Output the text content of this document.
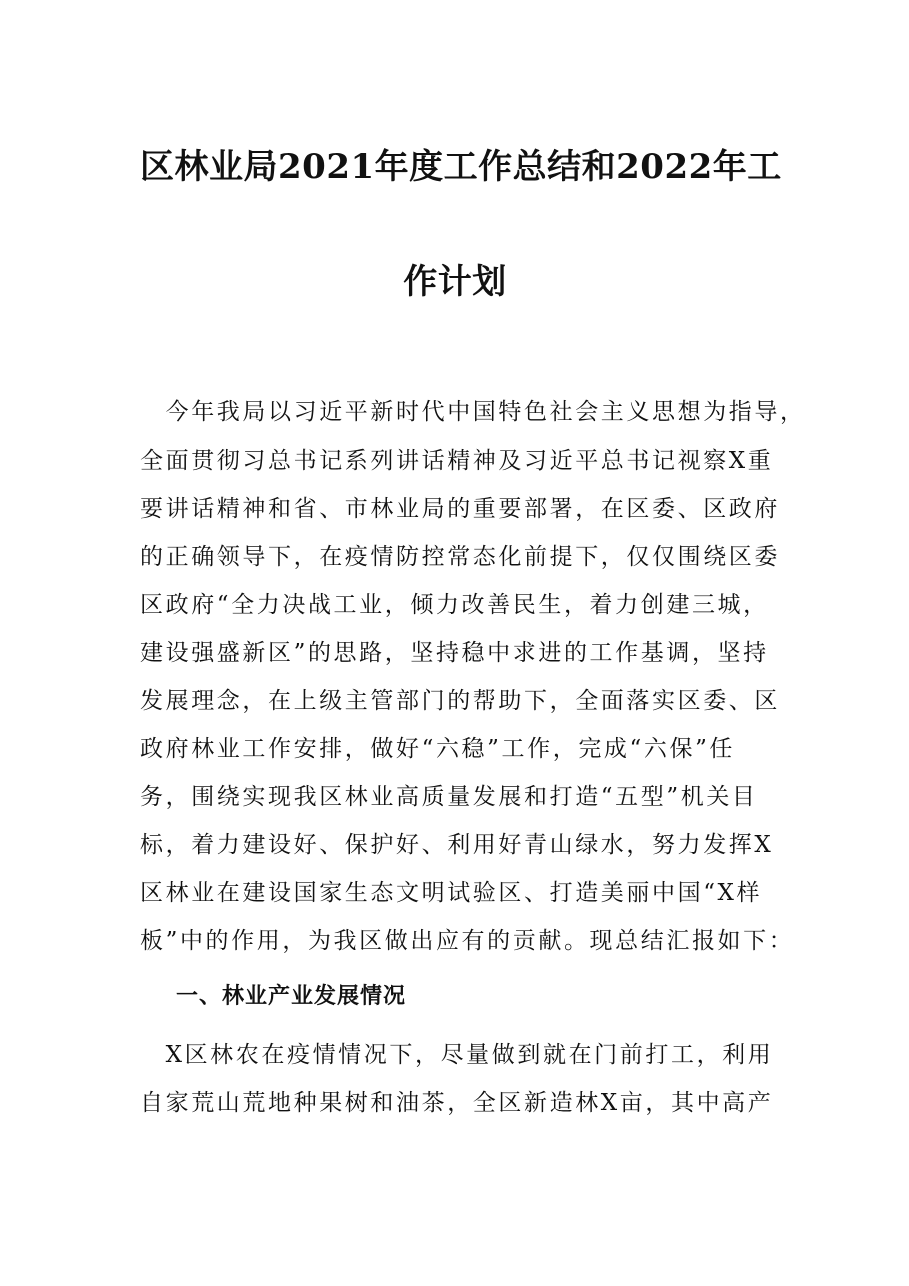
区林业局2021年度工作总结和2022年工
作计划
　今年我局以习近平新时代中国特色社会主义思想为指导，
全面贯彻习总书记系列讲话精神及习近平总书记视察X重
要讲话精神和省、市林业局的重要部署，在区委、区政府
的正确领导下，在疫情防控常态化前提下，仅仅围绕区委
区政府“全力决战工业，倾力改善民生，着力创建三城，
建设强盛新区”的思路，坚持稳中求进的工作基调，坚持
发展理念，在上级主管部门的帮助下，全面落实区委、区
政府林业工作安排，做好“六稳”工作，完成“六保”任
务，围绕实现我区林业高质量发展和打造“五型”机关目
标，着力建设好、保护好、利用好青山绿水，努力发挥X
区林业在建设国家生态文明试验区、打造美丽中国“X样
板”中的作用，为我区做出应有的贡献。现总结汇报如下：
一、林业产业发展情况
　X区林农在疫情情况下，尽量做到就在门前打工，利用
自家荒山荒地种果树和油茶，全区新造林X亩，其中高产
